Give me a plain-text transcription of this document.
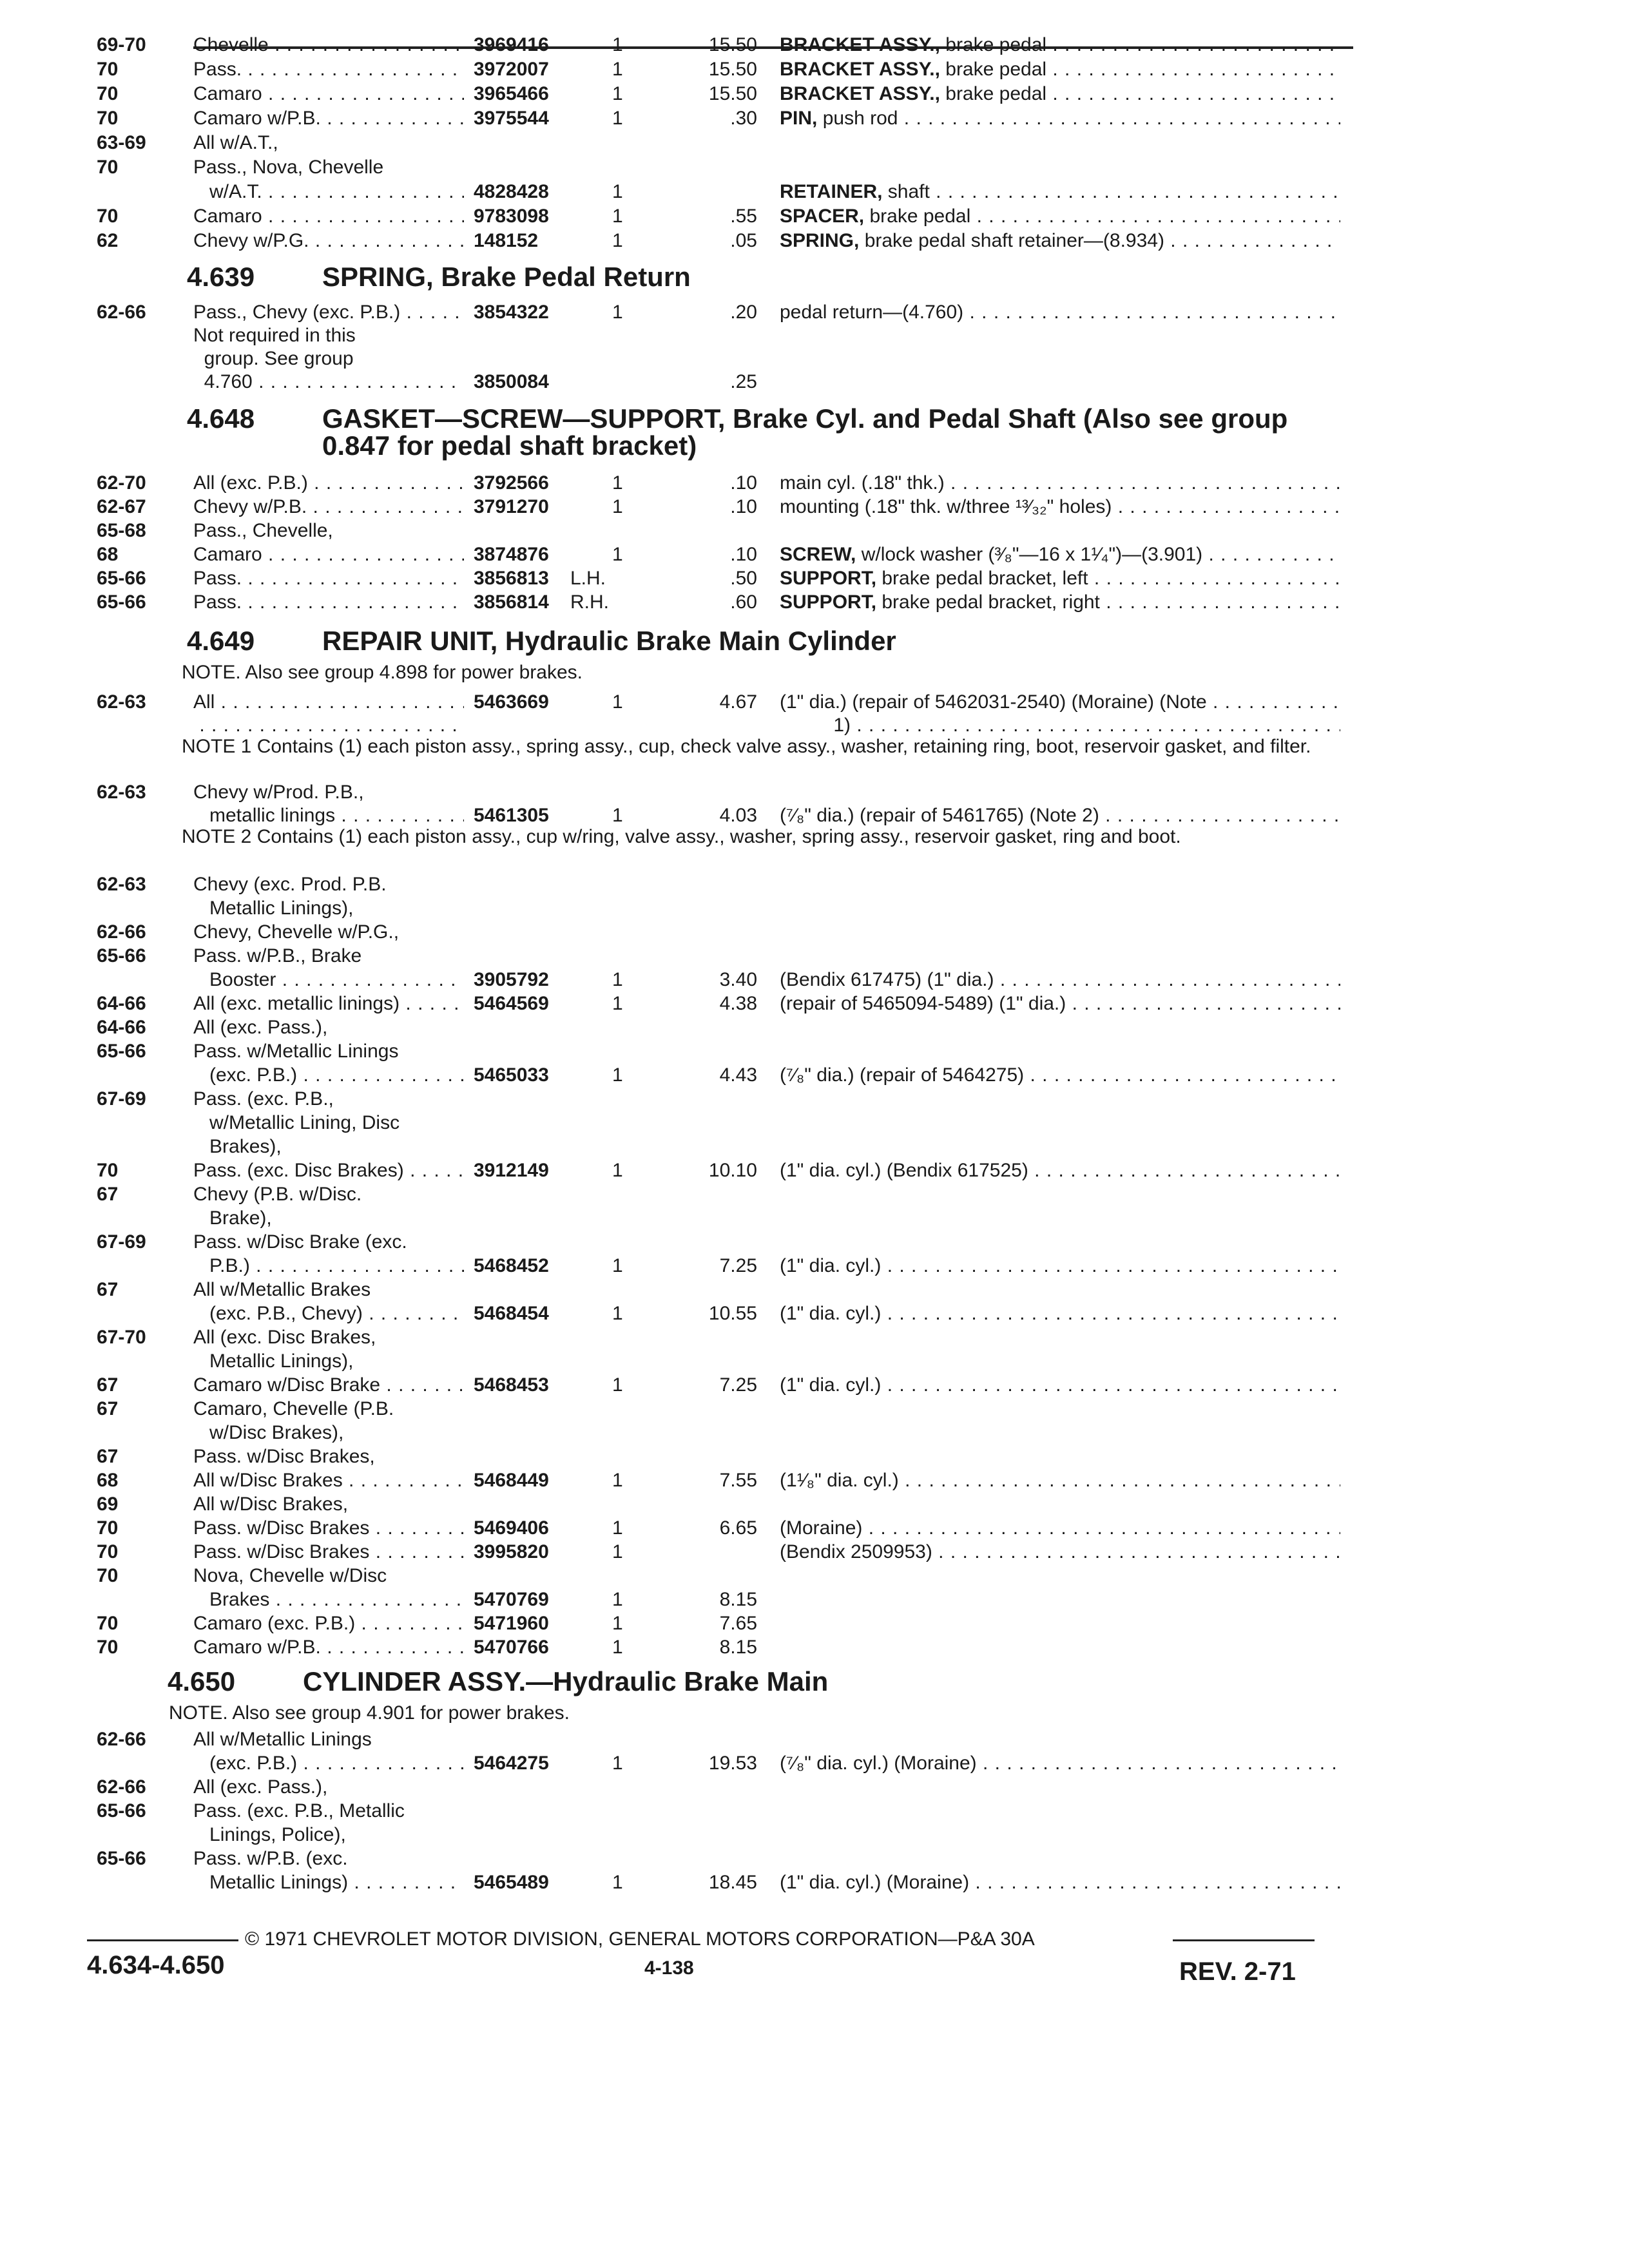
69-70 Chevelle . . .	3969416	1	15.50 BRACKET ASSY., brake pedal . . .
70	Pass. . . .	3972007	1	15.50 BRACKET ASSY., brake pedal . . .
70	Camaro . . .	3965466	1	15.50 BRACKET ASSY., brake pedal . . .
70	Camaro w/P.B. . . .	3975544	1	.30 PIN, push rod . . .
63-69 All w/A.T.,
70	Pass., Nova, Chevelle
w/A.T. . . .	4828428	1	RETAINER, shaft . . .
70	Camaro . . .	9783098	1	.55 SPACER, brake pedal . . .
62	Chevy w/P.G. . . .	148152	1	.05 SPRING, brake pedal shaft retainer—(8.934) . . .
4.639 SPRING, Brake Pedal Return
62-66 Pass., Chevy (exc. P.B.) . . .	3854322	1	.20 pedal return—(4.760) . . .
Not required in this
group. See group
4.760 . . .	3850084	.25
4.648 GASKET—SCREW—SUPPORT, Brake Cyl. and Pedal Shaft (Also see group
0.847 for pedal shaft bracket)
62-70 All (exc. P.B.) . . .	3792566	1	.10 main cyl. (.18" thk.) . . .
62-67 Chevy w/P.B. . . .	3791270	1	.10 mounting (.18" thk. w/three ¹³⁄₃₂" holes) . . .
65-68 Pass., Chevelle,
68	Camaro . . .	3874876	1	.10 SCREW, w/lock washer (³⁄₈"—16 x 1¹⁄₄")—(3.901) . . .
65-66 Pass. . . .	3856813 L.H.	.50 SUPPORT, brake pedal bracket, left . . .
65-66 Pass. . . .	3856814 R.H.	.60 SUPPORT, brake pedal bracket, right . . .
4.649 REPAIR UNIT, Hydraulic Brake Main Cylinder
NOTE. Also see group 4.898 for power brakes.
62-63 All . . .	5463669	1	4.67 (1" dia.) (repair of 5462031-2540) (Moraine) (Note . . .
. . .
1) . . .
NOTE 1 Contains (1) each piston assy., spring assy., cup, check valve assy., washer, retaining ring, boot, reservoir gasket, and filter.
62-63 Chevy w/Prod. P.B.,
metallic linings . . .	5461305	1	4.03 (⁷⁄₈" dia.) (repair of 5461765) (Note 2) . . .
NOTE 2 Contains (1) each piston assy., cup w/ring, valve assy., washer, spring assy., reservoir gasket, ring and boot.
62-63 Chevy (exc. Prod. P.B.
Metallic Linings),
62-66 Chevy, Chevelle w/P.G.,
65-66 Pass. w/P.B., Brake
Booster . . .	3905792	1	3.40 (Bendix 617475) (1" dia.) . . .
64-66 All (exc. metallic linings) . . .	5464569	1	4.38 (repair of 5465094-5489) (1" dia.) . . .
64-66 All (exc. Pass.),
65-66 Pass. w/Metallic Linings
(exc. P.B.) . . .	5465033	1	4.43 (⁷⁄₈" dia.) (repair of 5464275) . . .
67-69 Pass. (exc. P.B.,
w/Metallic Lining, Disc
Brakes),
70	Pass. (exc. Disc Brakes) . . .	3912149	1	10.10 (1" dia. cyl.) (Bendix 617525) . . .
67	Chevy (P.B. w/Disc.
Brake),
67-69 Pass. w/Disc Brake (exc.
P.B.) . . .	5468452	1	7.25 (1" dia. cyl.) . . .
67	All w/Metallic Brakes
(exc. P.B., Chevy) . . .	5468454	1	10.55 (1" dia. cyl.) . . .
67-70 All (exc. Disc Brakes,
Metallic Linings),
67	Camaro w/Disc Brake . . .	5468453	1	7.25 (1" dia. cyl.) . . .
67	Camaro, Chevelle (P.B.
w/Disc Brakes),
67	Pass. w/Disc Brakes,
68	All w/Disc Brakes . . .	5468449	1	7.55 (1¹⁄₈" dia. cyl.) . . .
69	All w/Disc Brakes,
70	Pass. w/Disc Brakes . . .	5469406	1	6.65 (Moraine) . . .
70	Pass. w/Disc Brakes . . .	3995820	1	(Bendix 2509953) . . .
70	Nova, Chevelle w/Disc
Brakes . . .	5470769	1	8.15
70	Camaro (exc. P.B.) . . .	5471960	1	7.65
70	Camaro w/P.B. . . .	5470766	1	8.15
4.650 CYLINDER ASSY.—Hydraulic Brake Main
NOTE. Also see group 4.901 for power brakes.
62-66 All w/Metallic Linings
(exc. P.B.) . . .	5464275	1	19.53 (⁷⁄₈" dia. cyl.) (Moraine) . . .
62-66 All (exc. Pass.),
65-66 Pass. (exc. P.B., Metallic
Linings, Police),
65-66 Pass. w/P.B. (exc.
Metallic Linings) . . .	5465489	1	18.45 (1" dia. cyl.) (Moraine) . . .
© 1971 CHEVROLET MOTOR DIVISION, GENERAL MOTORS CORPORATION—P&A 30A
4.634-4.650	4-138	REV. 2-71
